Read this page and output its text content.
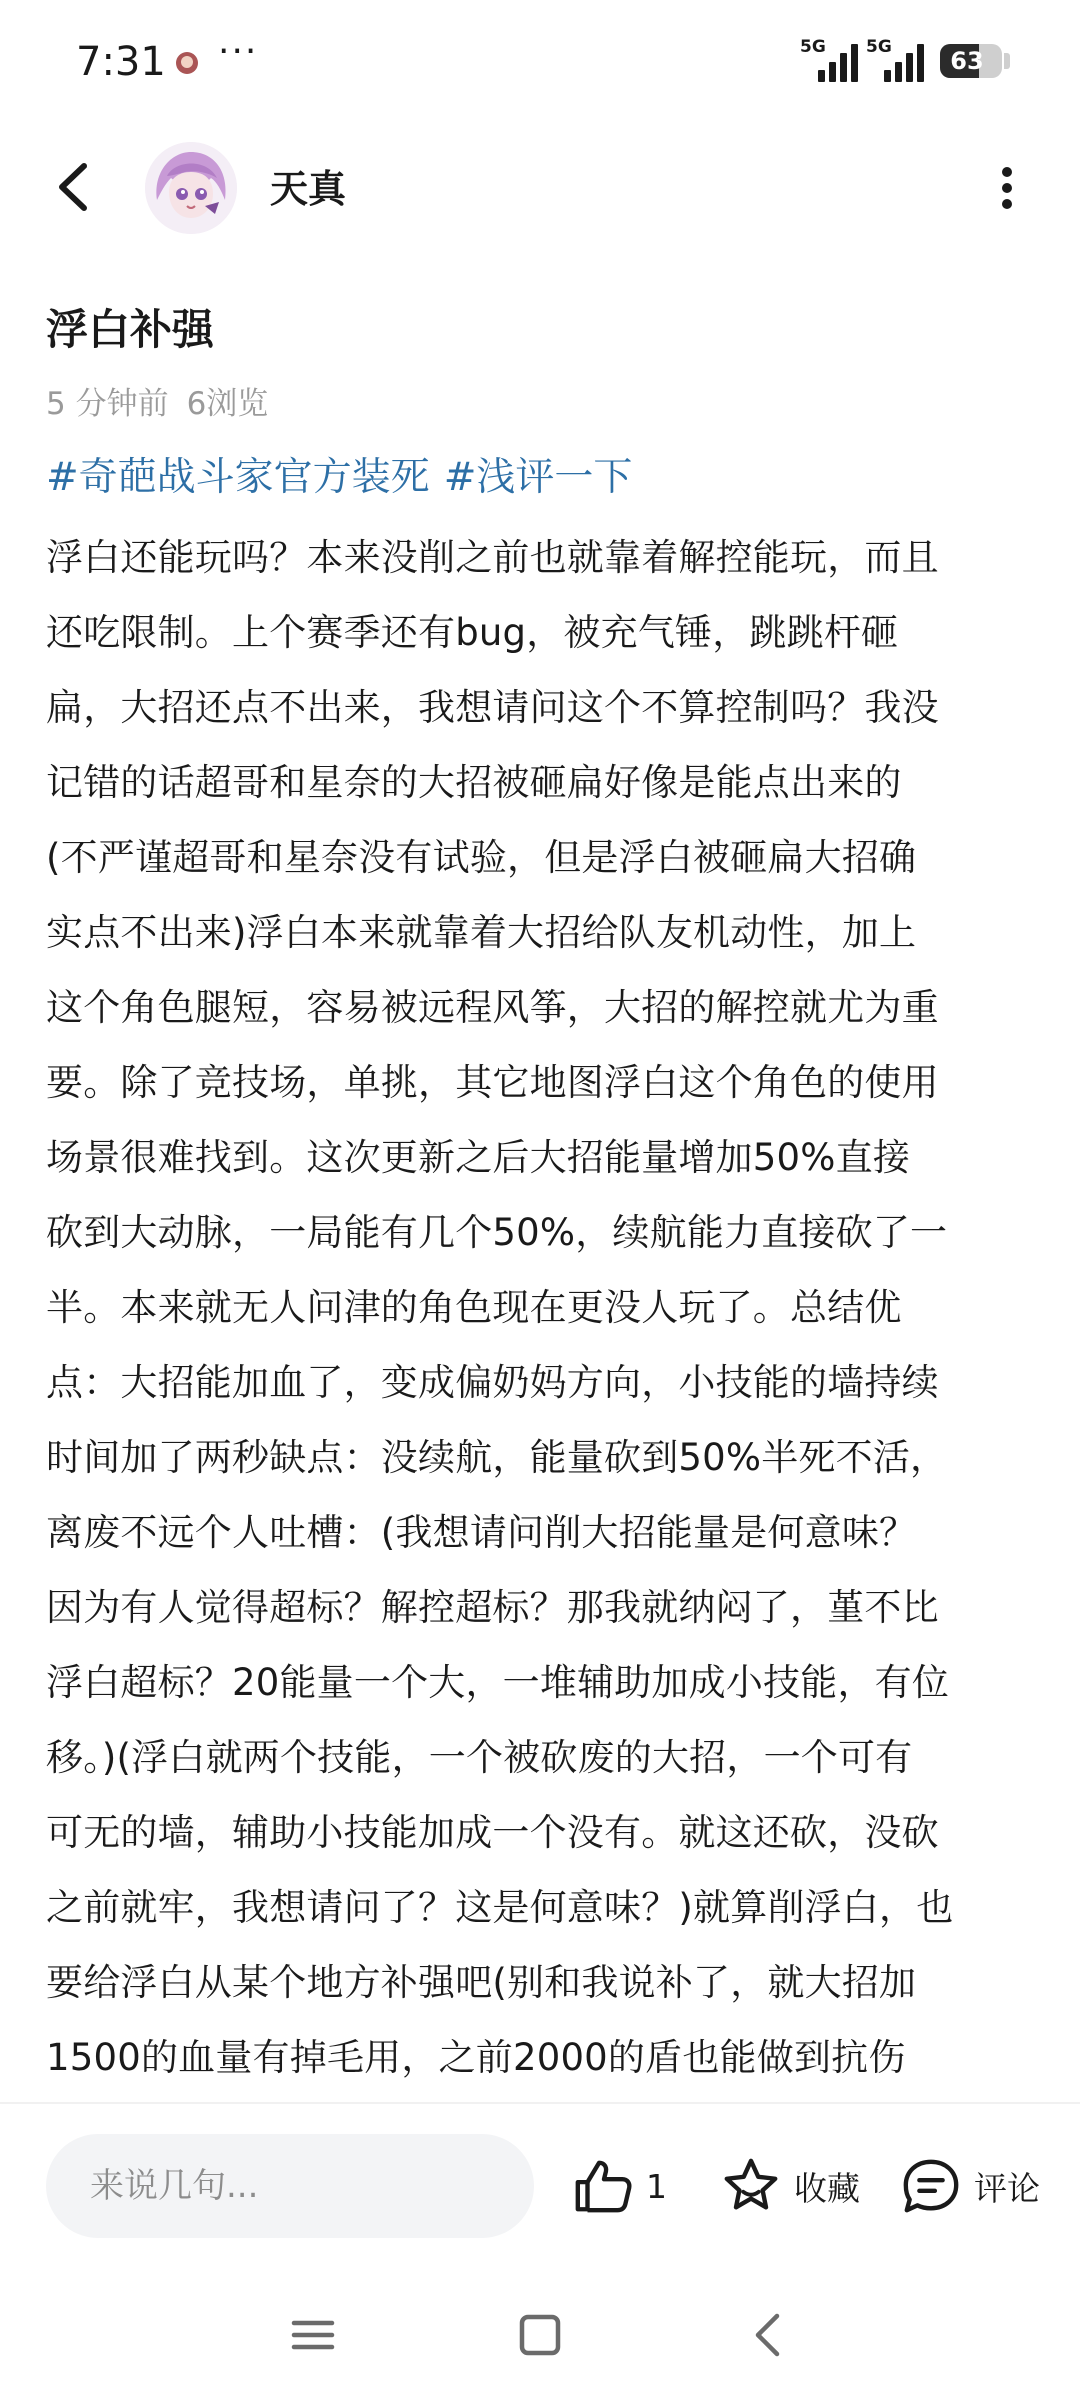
7:31 ···	5G 5G	63
天真
浮白补强
5 分钟前 6浏览
#奇葩战斗家官方装死 #浅评一下
浮白还能玩吗？本来没削之前也就靠着解控能玩，而且
还吃限制。上个赛季还有bug，被充气锤，跳跳杆砸
扁，大招还点不出来，我想请问这个不算控制吗？我没
记错的话超哥和星奈的大招被砸扁好像是能点出来的
(不严谨超哥和星奈没有试验，但是浮白被砸扁大招确
实点不出来)浮白本来就靠着大招给队友机动性，加上
这个角色腿短，容易被远程风筝，大招的解控就尤为重
要。除了竞技场，单挑，其它地图浮白这个角色的使用
场景很难找到。这次更新之后大招能量增加50%直接
砍到大动脉，一局能有几个50%，续航能力直接砍了一
半。本来就无人问津的角色现在更没人玩了。总结优
点：大招能加血了，变成偏奶妈方向，小技能的墙持续
时间加了两秒缺点：没续航，能量砍到50%半死不活，
离废不远个人吐槽：(我想请问削大招能量是何意味？
因为有人觉得超标？解控超标？那我就纳闷了，堇不比
浮白超标？20能量一个大，一堆辅助加成小技能，有位
移。)(浮白就两个技能，一个被砍废的大招，一个可有
可无的墙，辅助小技能加成一个没有。就这还砍，没砍
之前就牢，我想请问了？这是何意味？)就算削浮白，也
要给浮白从某个地方补强吧(别和我说补了，就大招加
1500的血量有掉毛用，之前2000的盾也能做到抗伤
来说几句...
1	收藏	评论
